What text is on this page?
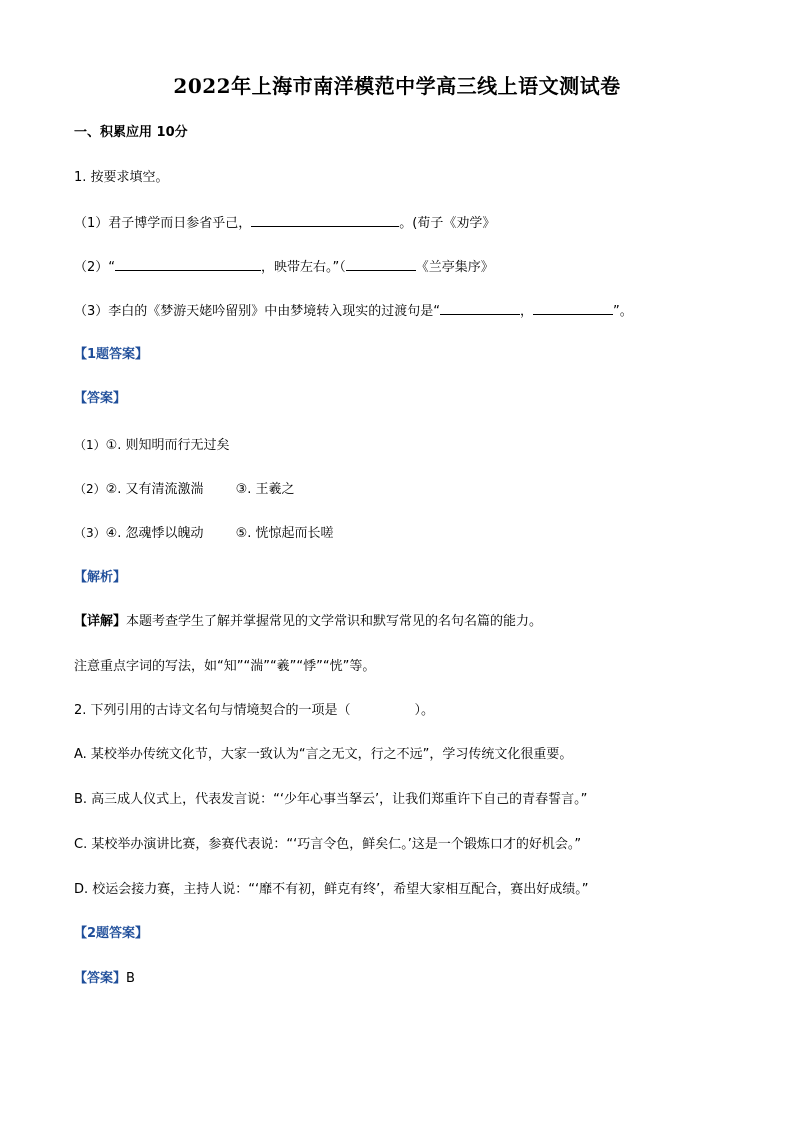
2022年上海市南洋模范中学高三线上语文测试卷
一、积累应用 10分
1. 按要求填空。
（1）君子博学而日参省乎己，	。(荀子《劝学》
（2）“	，映带左右。”（	《兰亭集序》
（3）李白的《梦游天姥吟留别》中由梦境转入现实的过渡句是“	，	”。
【1题答案】
【答案】
（1）①. 则知明而行无过矣
（2）②. 又有清流激湍 ③. 王羲之
（3）④. 忽魂悸以魄动 ⑤. 恍惊起而长嗟
【解析】
【详解】本题考查学生了解并掌握常见的文学常识和默写常见的名句名篇的能力。
注意重点字词的写法，如“知”“湍”“羲”“悸”“恍”等。
2. 下列引用的古诗文名句与情境契合的一项是（	）。
A. 某校举办传统文化节，大家一致认为“言之无文，行之不远”，学习传统文化很重要。
B. 高三成人仪式上，代表发言说：“‘少年心事当拏云’，让我们郑重许下自己的青春誓言。”
C. 某校举办演讲比赛，参赛代表说：“‘巧言令色，鲜矣仁。’这是一个锻炼口才的好机会。”
D. 校运会接力赛，主持人说：“‘靡不有初，鲜克有终’，希望大家相互配合，赛出好成绩。”
【2题答案】
【答案】B
